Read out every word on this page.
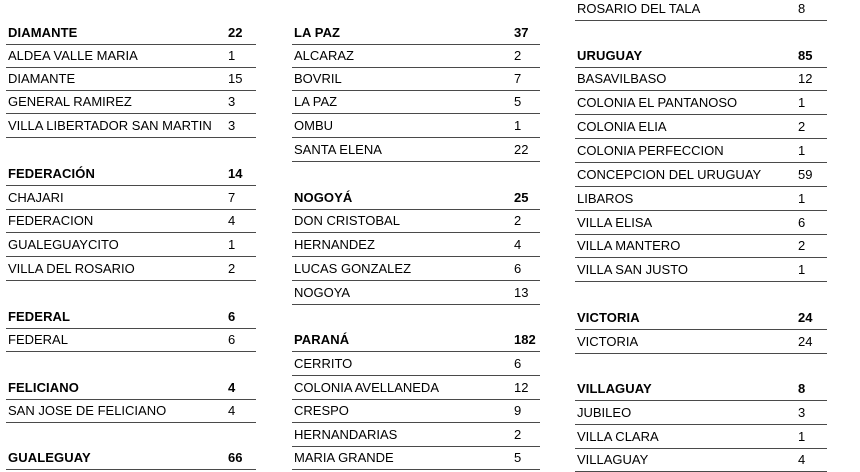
DIAMANTE	22
ALDEA VALLE MARIA	1
DIAMANTE	15
GENERAL RAMIREZ	3
VILLA LIBERTADOR SAN MARTIN 3
FEDERACIÓN	14
CHAJARI	7
FEDERACION	4
GUALEGUAYCITO	1
VILLA DEL ROSARIO	2
FEDERAL	6
FEDERAL	6
FELICIANO	4
SAN JOSE DE FELICIANO	4
GUALEGUAY	66
LA PAZ	37
ALCARAZ	2
BOVRIL	7
LA PAZ	5
OMBU	1
SANTA ELENA	22
NOGOYÁ	25
DON CRISTOBAL	2
HERNANDEZ	4
LUCAS GONZALEZ	6
NOGOYA	13
PARANÁ	182
CERRITO	6
COLONIA AVELLANEDA	12
CRESPO	9
HERNANDARIAS	2
MARIA GRANDE	5
ROSARIO DEL TALA	8
URUGUAY	85
BASAVILBASO	12
COLONIA EL PANTANOSO	1
COLONIA ELIA	2
COLONIA PERFECCION	1
CONCEPCION DEL URUGUAY	59
LIBAROS	1
VILLA ELISA	6
VILLA MANTERO	2
VILLA SAN JUSTO	1
VICTORIA	24
VICTORIA	24
VILLAGUAY	8
JUBILEO	3
VILLA CLARA	1
VILLAGUAY	4
